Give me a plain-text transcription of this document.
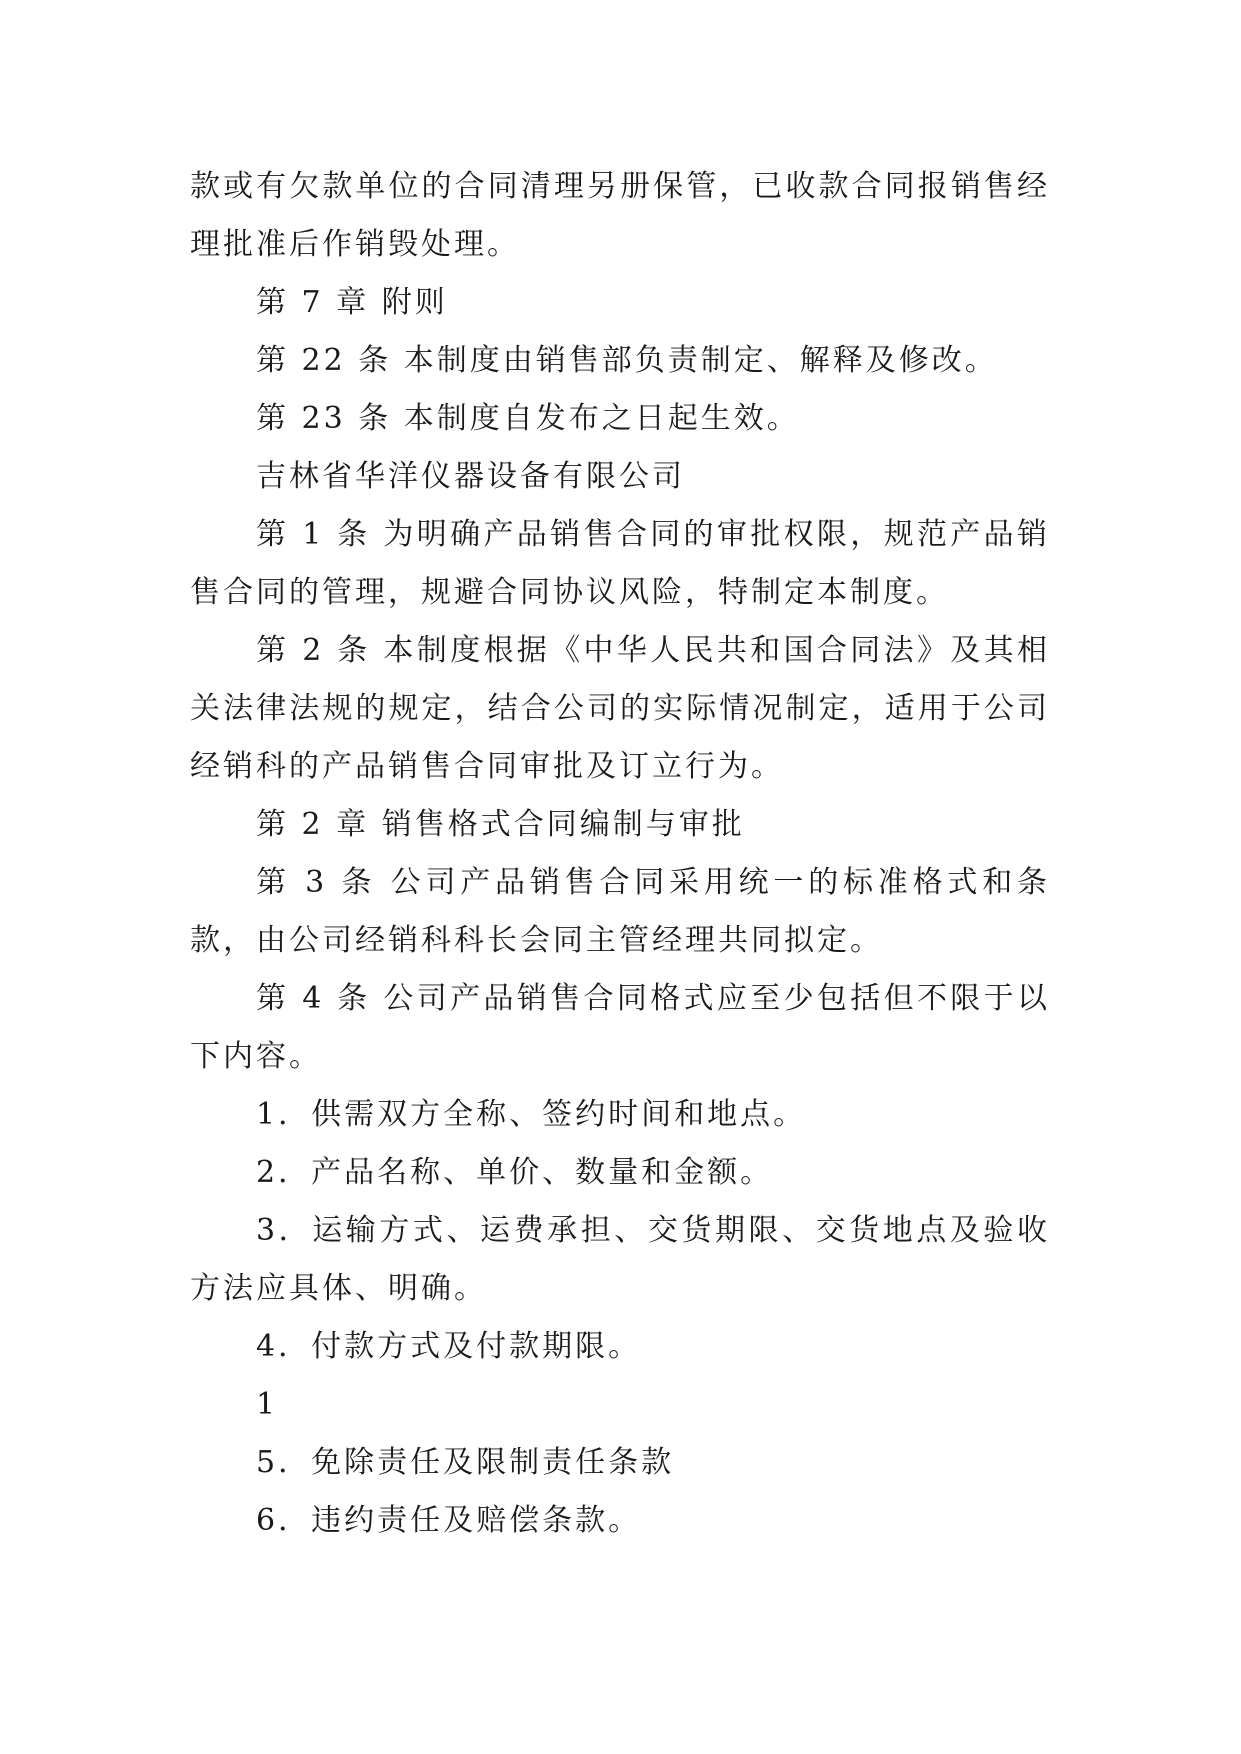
款或有欠款单位的合同清理另册保管，已收款合同报销售经理批准后作销毁处理。

第 7 章 附则

第 22 条 本制度由销售部负责制定、解释及修改。

第 23 条 本制度自发布之日起生效。

吉林省华洋仪器设备有限公司

第 1 条 为明确产品销售合同的审批权限，规范产品销售合同的管理，规避合同协议风险，特制定本制度。

第 2 条 本制度根据《中华人民共和国合同法》及其相关法律法规的规定，结合公司的实际情况制定，适用于公司经销科的产品销售合同审批及订立行为。

第 2 章 销售格式合同编制与审批

第 3 条 公司产品销售合同采用统一的标准格式和条款，由公司经销科科长会同主管经理共同拟定。

第 4 条 公司产品销售合同格式应至少包括但不限于以下内容。

1．供需双方全称、签约时间和地点。

2．产品名称、单价、数量和金额。

3．运输方式、运费承担、交货期限、交货地点及验收方法应具体、明确。

4．付款方式及付款期限。

1

5．免除责任及限制责任条款

6．违约责任及赔偿条款。
